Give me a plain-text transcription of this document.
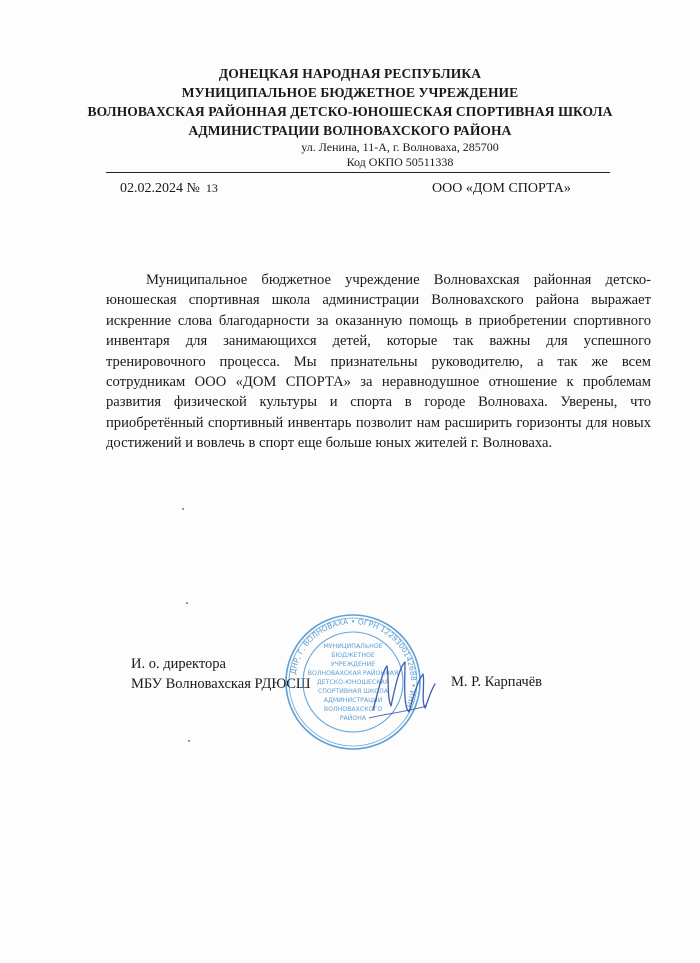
ДОНЕЦКАЯ НАРОДНАЯ РЕСПУБЛИКА
МУНИЦИПАЛЬНОЕ БЮДЖЕТНОЕ УЧРЕЖДЕНИЕ
ВОЛНОВАХСКАЯ РАЙОННАЯ ДЕТСКО-ЮНОШЕСКАЯ СПОРТИВНАЯ ШКОЛА
АДМИНИСТРАЦИИ ВОЛНОВАХСКОГО РАЙОНА
ул. Ленина, 11-А, г. Волноваха, 285700
Код ОКПО 50511338
02.02.2024 № 13	ООО «ДОМ СПОРТА»
Муниципальное бюджетное учреждение Волновахская районная детско-юношеская спортивная школа администрации Волновахского района выражает искренние слова благодарности за оказанную помощь в приобретении спортивного инвентаря для занимающихся детей, которые так важны для успешного тренировочного процесса. Мы признательны руководителю, а так же всем сотрудникам ООО «ДОМ СПОРТА» за неравнодушное отношение к проблемам развития физической культуры и спорта в городе Волноваха. Уверены, что приобретённый спортивный инвентарь позволит нам расширить горизонты для новых достижений и вовлечь в спорт еще больше юных жителей г. Волноваха.
И. о. директора
МБУ Волновахская РДЮСШ	М. Р. Карпачёв
ДНР, Г. ВОЛНОВАХА • ОГРН 1229300142688 • ИНН
МУНИЦИПАЛЬНОЕ
БЮДЖЕТНОЕ
УЧРЕЖДЕНИЕ
ВОЛНОВАХСКАЯ РАЙОННАЯ
ДЕТСКО-ЮНОШЕСКАЯ
СПОРТИВНАЯ ШКОЛА
АДМИНИСТРАЦИИ
ВОЛНОВАХСКОГО
РАЙОНА
